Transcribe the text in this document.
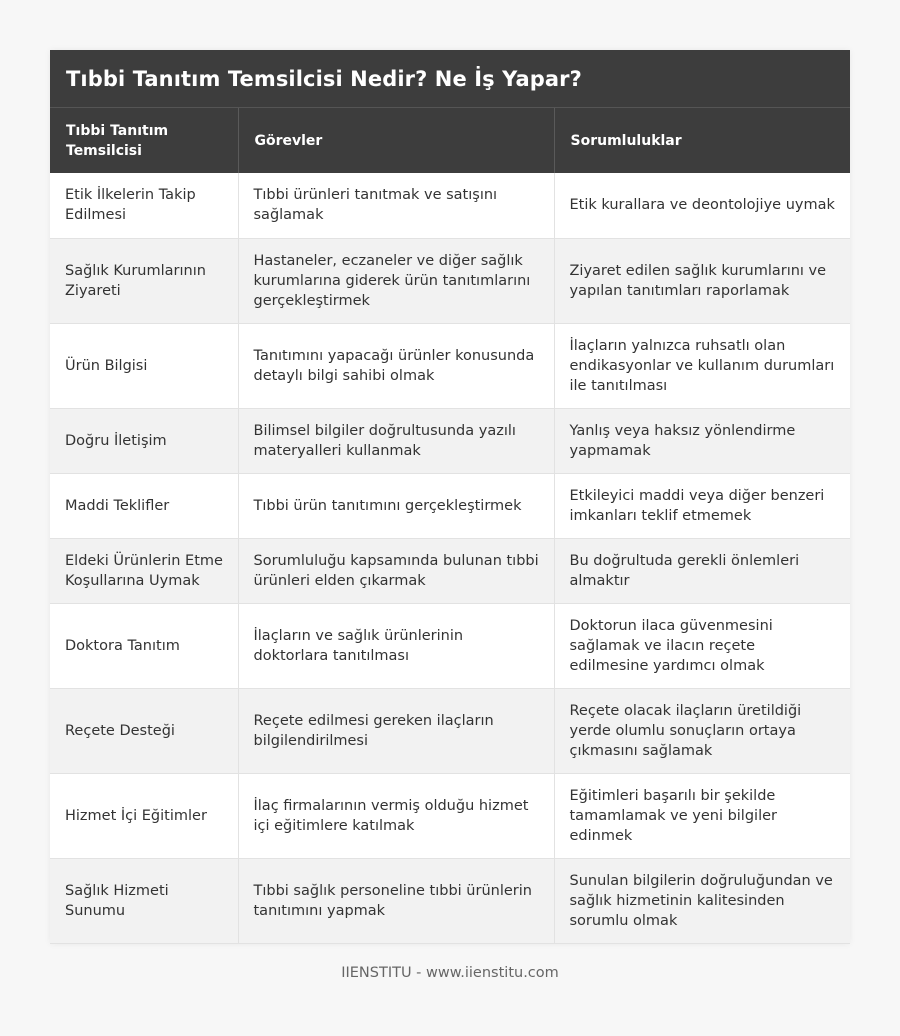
Tıbbi Tanıtım Temsilcisi Nedir? Ne İş Yapar?
Tıbbi Tanıtım Temsilcisi	Görevler	Sorumluluklar
Etik İlkelerin Takip Edilmesi	Tıbbi ürünleri tanıtmak ve satışını sağlamak	Etik kurallara ve deontolojiye uymak
Sağlık Kurumlarının Ziyareti	Hastaneler, eczaneler ve diğer sağlık kurumlarına giderek ürün tanıtımlarını gerçekleştirmek	Ziyaret edilen sağlık kurumlarını ve yapılan tanıtımları raporlamak
Ürün Bilgisi	Tanıtımını yapacağı ürünler konusunda detaylı bilgi sahibi olmak	İlaçların yalnızca ruhsatlı olan endikasyonlar ve kullanım durumları ile tanıtılması
Doğru İletişim	Bilimsel bilgiler doğrultusunda yazılı materyalleri kullanmak	Yanlış veya haksız yönlendirme yapmamak
Maddi Teklifler	Tıbbi ürün tanıtımını gerçekleştirmek	Etkileyici maddi veya diğer benzeri imkanları teklif etmemek
Eldeki Ürünlerin Etme Koşullarına Uymak	Sorumluluğu kapsamında bulunan tıbbi ürünleri elden çıkarmak	Bu doğrultuda gerekli önlemleri almaktır
Doktora Tanıtım	İlaçların ve sağlık ürünlerinin doktorlara tanıtılması	Doktorun ilaca güvenmesini sağlamak ve ilacın reçete edilmesine yardımcı olmak
Reçete Desteği	Reçete edilmesi gereken ilaçların bilgilendirilmesi	Reçete olacak ilaçların üretildiği yerde olumlu sonuçların ortaya çıkmasını sağlamak
Hizmet İçi Eğitimler	İlaç firmalarının vermiş olduğu hizmet içi eğitimlere katılmak	Eğitimleri başarılı bir şekilde tamamlamak ve yeni bilgiler edinmek
Sağlık Hizmeti Sunumu	Tıbbi sağlık personeline tıbbi ürünlerin tanıtımını yapmak	Sunulan bilgilerin doğruluğundan ve sağlık hizmetinin kalitesinden sorumlu olmak
IIENSTITU - www.iienstitu.com
